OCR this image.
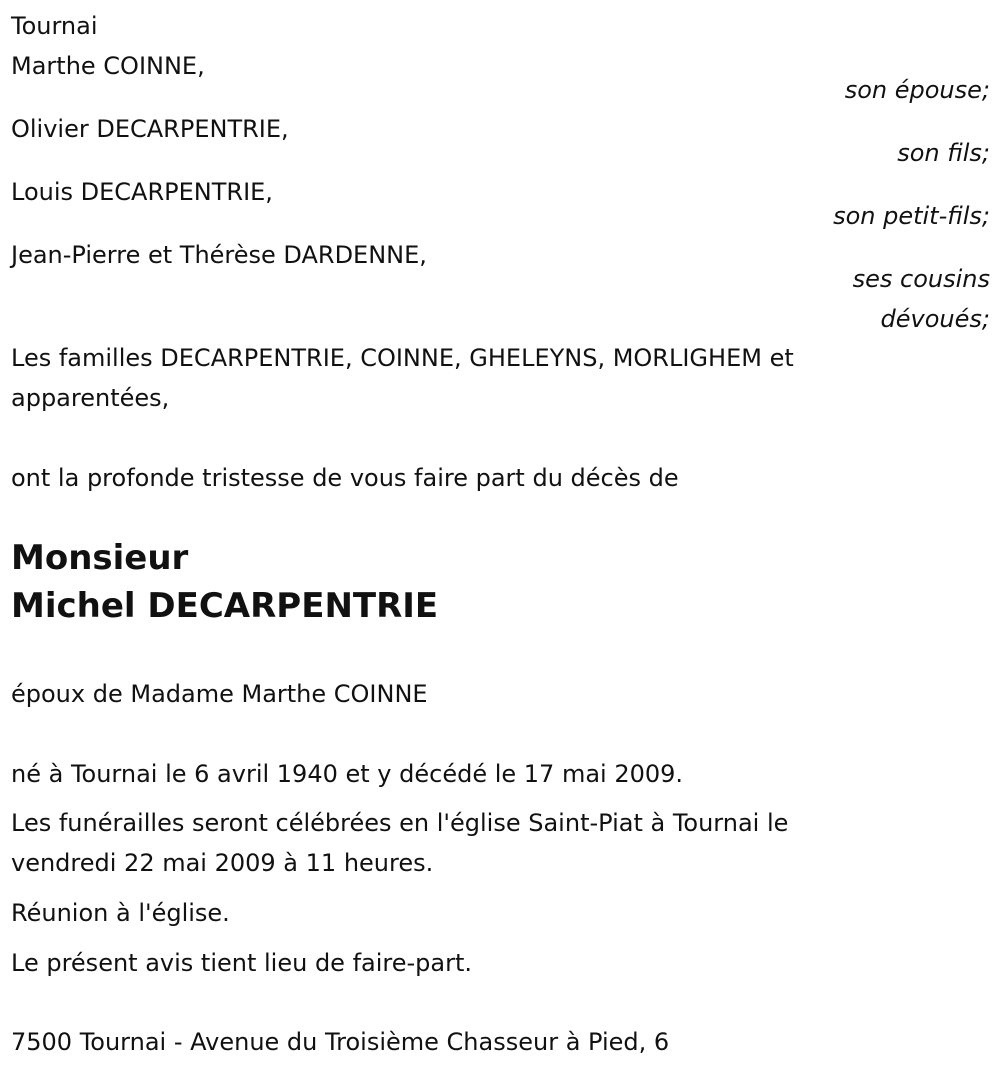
Tournai
Marthe COINNE,
son épouse;
Olivier DECARPENTRIE,
son fils;
Louis DECARPENTRIE,
son petit-fils;
Jean-Pierre et Thérèse DARDENNE,
ses cousins
dévoués;
Les familles DECARPENTRIE, COINNE, GHELEYNS, MORLIGHEM et
apparentées,
ont la profonde tristesse de vous faire part du décès de
Monsieur
Michel DECARPENTRIE
époux de Madame Marthe COINNE
né à Tournai le 6 avril 1940 et y décédé le 17 mai 2009.
Les funérailles seront célébrées en l'église Saint-Piat à Tournai le
vendredi 22 mai 2009 à 11 heures.
Réunion à l'église.
Le présent avis tient lieu de faire-part.
7500 Tournai - Avenue du Troisième Chasseur à Pied, 6
